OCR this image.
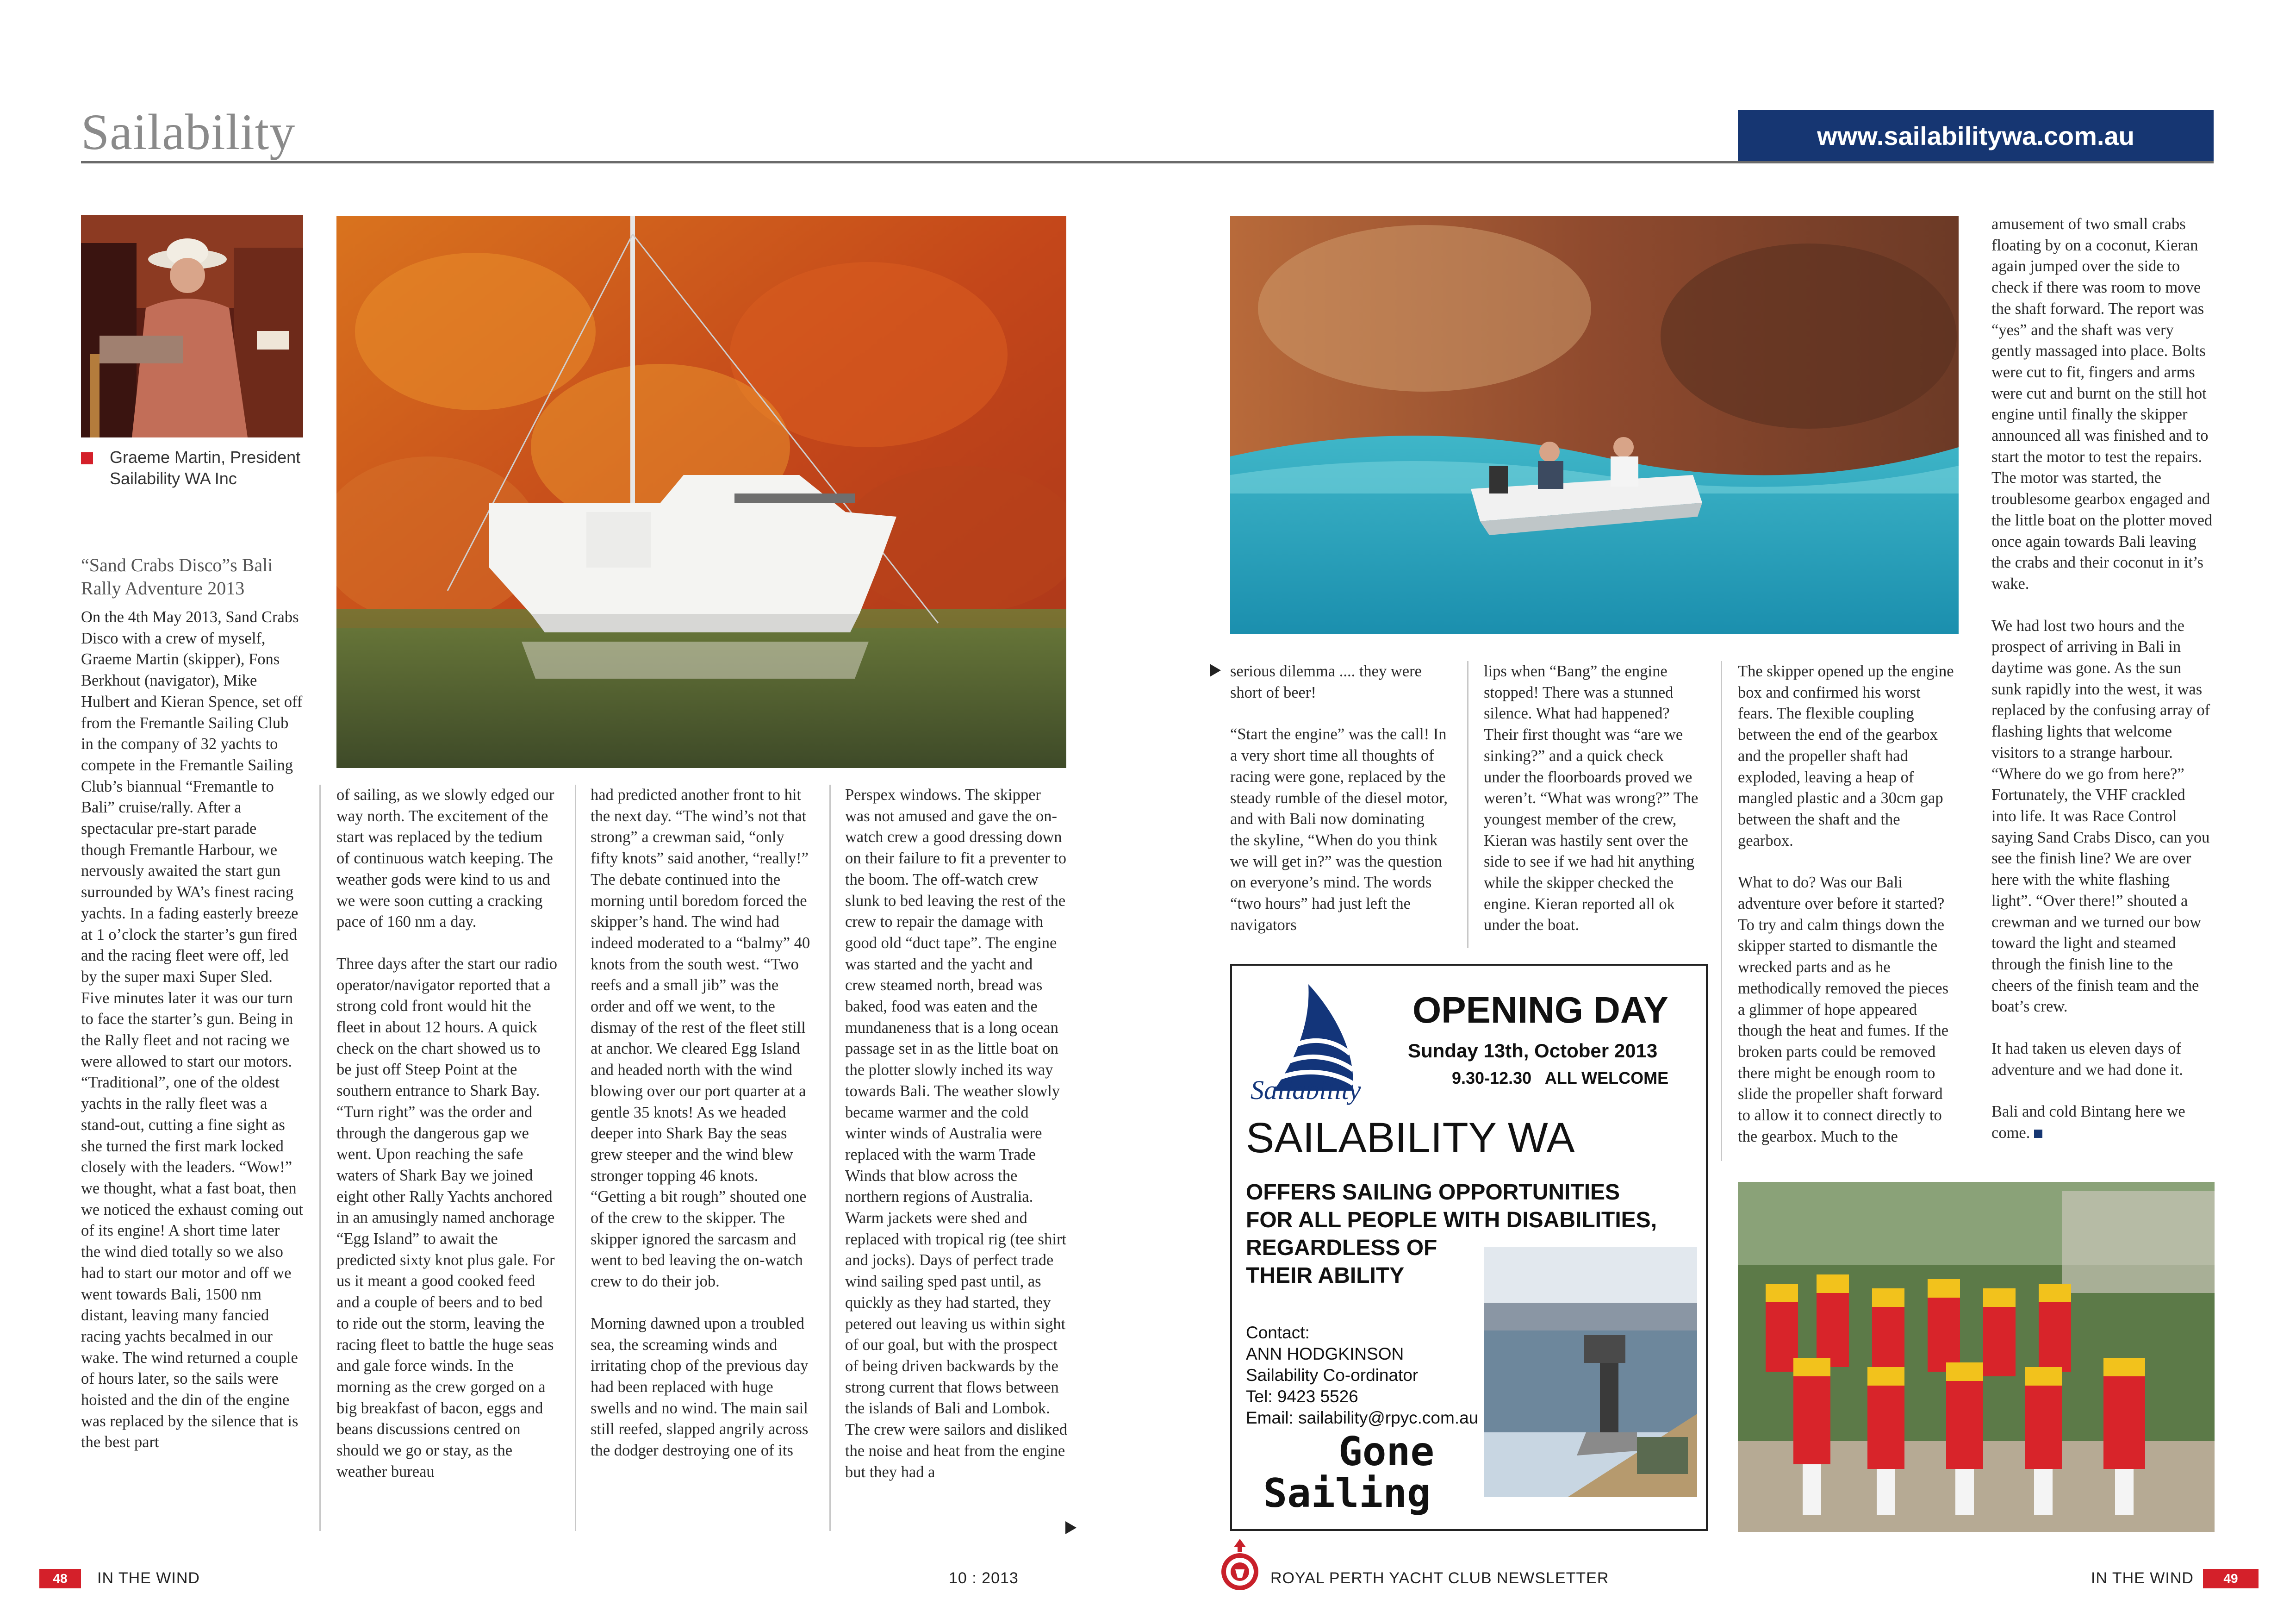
Sailability	www.sailabilitywa.com.au
Graeme Martin, President Sailability WA Inc
“Sand Crabs Disco”s Bali Rally Adventure 2013

On the 4th May 2013, Sand Crabs Disco with a crew of myself, Graeme Martin (skipper), Fons Berkhout (navigator), Mike Hulbert and Kieran Spence, set off from the Fremantle Sailing Club in the company of 32 yachts to compete in the Fremantle Sailing Club’s biannual “Fremantle to Bali” cruise/rally. After a spectacular pre-start parade though Fremantle Harbour, we nervously awaited the start gun surrounded by WA’s finest racing yachts. In a fading easterly breeze at 1 o’clock the starter’s gun fired and the racing fleet were off, led by the super maxi Super Sled. Five minutes later it was our turn to face the starter’s gun. Being in the Rally fleet and not racing we were allowed to start our motors. “Traditional”, one of the oldest yachts in the rally fleet was a stand-out, cutting a fine sight as she turned the first mark locked closely with the leaders. “Wow!” we thought, what a fast boat, then we noticed the exhaust coming out of its engine! A short time later the wind died totally so we also had to start our motor and off we went towards Bali, 1500 nm distant, leaving many fancied racing yachts becalmed in our wake. The wind returned a couple of hours later, so the sails were hoisted and the din of the engine was replaced by the silence that is the best part

of sailing, as we slowly edged our way north. The excitement of the start was replaced by the tedium of continuous watch keeping. The weather gods were kind to us and we were soon cutting a cracking pace of 160 nm a day.

Three days after the start our radio operator/navigator reported that a strong cold front would hit the fleet in about 12 hours. A quick check on the chart showed us to be just off Steep Point at the southern entrance to Shark Bay. “Turn right” was the order and through the dangerous gap we went. Upon reaching the safe waters of Shark Bay we joined eight other Rally Yachts anchored in an amusingly named anchorage “Egg Island” to await the predicted sixty knot plus gale. For us it meant a good cooked feed and a couple of beers and to bed to ride out the storm, leaving the racing fleet to battle the huge seas and gale force winds. In the morning as the crew gorged on a big breakfast of bacon, eggs and beans discussions centred on should we go or stay, as the weather bureau

had predicted another front to hit the next day. “The wind’s not that strong” a crewman said, “only fifty knots” said another, “really!” The debate continued into the morning until boredom forced the skipper’s hand. The wind had indeed moderated to a “balmy” 40 knots from the south west. “Two reefs and a small jib” was the order and off we went, to the dismay of the rest of the fleet still at anchor. We cleared Egg Island and headed north with the wind blowing over our port quarter at a gentle 35 knots! As we headed deeper into Shark Bay the seas grew steeper and the wind blew stronger topping 46 knots. “Getting a bit rough” shouted one of the crew to the skipper. The skipper ignored the sarcasm and went to bed leaving the on-watch crew to do their job.

Morning dawned upon a troubled sea, the screaming winds and irritating chop of the previous day had been replaced with huge swells and no wind. The main sail still reefed, slapped angrily across the dodger destroying one of its

Perspex windows. The skipper was not amused and gave the on-watch crew a good dressing down on their failure to fit a preventer to the boom. The off-watch crew slunk to bed leaving the rest of the crew to repair the damage with good old “duct tape”. The engine was started and the yacht and crew steamed north, bread was baked, food was eaten and the mundaneness that is a long ocean passage set in as the little boat on the plotter slowly inched its way towards Bali. The weather slowly became warmer and the cold winter winds of Australia were replaced with the warm Trade Winds that blow across the northern regions of Australia. Warm jackets were shed and replaced with tropical rig (tee shirt and jocks). Days of perfect trade wind sailing sped past until, as quickly as they had started, they petered out leaving us within sight of our goal, but with the prospect of being driven backwards by the strong current that flows between the islands of Bali and Lombok. The crew were sailors and disliked the noise and heat from the engine but they had a

serious dilemma .... they were short of beer!

“Start the engine” was the call! In a very short time all thoughts of racing were gone, replaced by the steady rumble of the diesel motor, and with Bali now dominating the skyline, “When do you think we will get in?” was the question on everyone’s mind. The words “two hours” had just left the navigators

lips when “Bang” the engine stopped! There was a stunned silence. What had happened? Their first thought was “are we sinking?” and a quick check under the floorboards proved we weren’t. “What was wrong?” The youngest member of the crew, Kieran was hastily sent over the side to see if we had hit anything while the skipper checked the engine. Kieran reported all ok under the boat.

The skipper opened up the engine box and confirmed his worst fears. The flexible coupling between the end of the gearbox and the propeller shaft had exploded, leaving a heap of mangled plastic and a 30cm gap between the shaft and the gearbox.

What to do? Was our Bali adventure over before it started? To try and calm things down the skipper started to dismantle the wrecked parts and as he methodically removed the pieces a glimmer of hope appeared though the heat and fumes. If the broken parts could be removed there might be enough room to slide the propeller shaft forward to allow it to connect directly to the gearbox. Much to the

amusement of two small crabs floating by on a coconut, Kieran again jumped over the side to check if there was room to move the shaft forward. The report was “yes” and the shaft was very gently massaged into place. Bolts were cut to fit, fingers and arms were cut and burnt on the still hot engine until finally the skipper announced all was finished and to start the motor to test the repairs. The motor was started, the troublesome gearbox engaged and the little boat on the plotter moved once again towards Bali leaving the crabs and their coconut in it’s wake.

We had lost two hours and the prospect of arriving in Bali in daytime was gone. As the sun sunk rapidly into the west, it was replaced by the confusing array of flashing lights that welcome visitors to a strange harbour. “Where do we go from here?” Fortunately, the VHF crackled into life. It was Race Control saying Sand Crabs Disco, can you see the finish line? We are over here with the white flashing light”. “Over there!” shouted a crewman and we turned our bow toward the light and steamed through the finish line to the cheers of the finish team and the boat’s crew.

It had taken us eleven days of adventure and we had done it.

Bali and cold Bintang here we come.

Sailability
OPENING DAY
Sunday 13th, October 2013
9.30-12.30   ALL WELCOME
SAILABILITY WA
OFFERS SAILING OPPORTUNITIES
FOR ALL PEOPLE WITH DISABILITIES,
REGARDLESS OF
THEIR ABILITY
Contact:
ANN HODGKINSON
Sailability Co-ordinator
Tel: 9423 5526
Email: sailability@rpyc.com.au
Gone
Sailing
48	IN THE WIND	10 : 2013	ROYAL PERTH YACHT CLUB NEWSLETTER	IN THE WIND	49
